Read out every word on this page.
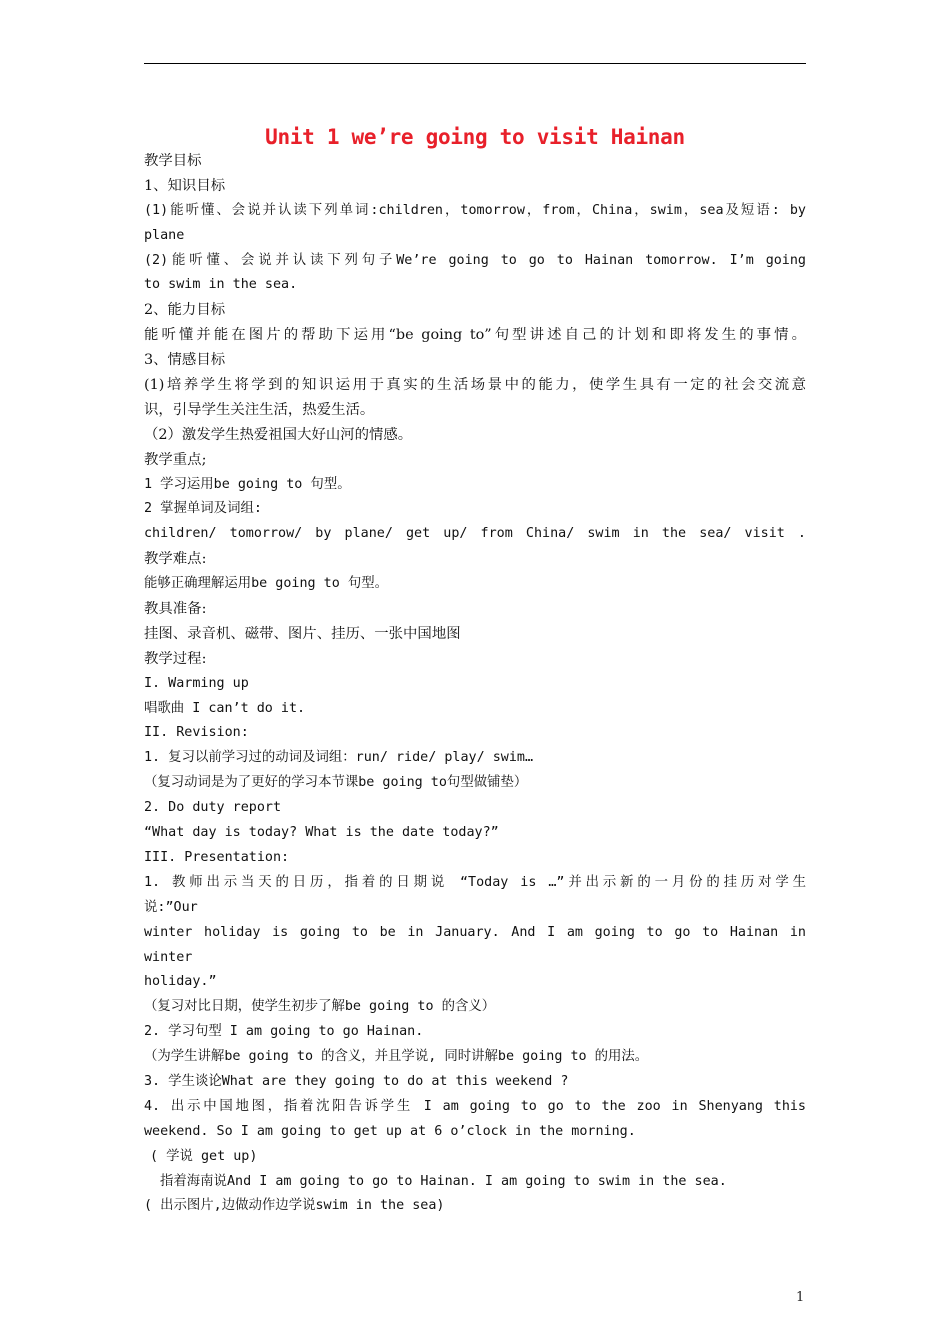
Unit 1 we’re going to visit Hainan
教学目标
1、知识目标
(1)能听懂、会说并认读下列单词:children，tomorrow，from，China，swim，sea及短语: by
plane
(2)能听懂、会说并认读下列句子We’re going to go to Hainan tomorrow. I’m going
to swim in the sea.
2、能力目标
能听懂并能在图片的帮助下运用“be going to”句型讲述自己的计划和即将发生的事情。
3、情感目标
(1)培养学生将学到的知识运用于真实的生活场景中的能力，使学生具有一定的社会交流意
识，引导学生关注生活，热爱生活。
（2）激发学生热爱祖国大好山河的情感。
教学重点;
1 学习运用be going to 句型。
2 掌握单词及词组:
children/ tomorrow/ by plane/ get up/ from China/ swim in the sea/ visit .
教学难点:
能够正确理解运用be going to 句型。
教具准备:
挂图、录音机、磁带、图片、挂历、一张中国地图
教学过程:
I. Warming up
唱歌曲 I can’t do it.
II. Revision:
1. 复习以前学习过的动词及词组：run/ ride/ play/ swim…
（复习动词是为了更好的学习本节课be going to句型做铺垫）
2. Do duty report
“What day is today? What is the date today?”
III. Presentation:
1. 教师出示当天的日历，指着的日期说 “Today is …”并出示新的一月份的挂历对学生
说:”Our
winter holiday is going to be in January. And I am going to go to Hainan in
winter
holiday.”
（复习对比日期，使学生初步了解be going to 的含义）
2. 学习句型 I am going to go Hainan.
（为学生讲解be going to 的含义，并且学说, 同时讲解be going to 的用法。
3. 学生谈论What are they going to do at this weekend ?
4. 出示中国地图，指着沈阳告诉学生 I am going to go to the zoo in Shenyang this
weekend. So I am going to get up at 6 o’clock in the morning.
( 学说 get up)
指着海南说And I am going to go to Hainan. I am going to swim in the sea.
( 出示图片,边做动作边学说swim in the sea)
1
